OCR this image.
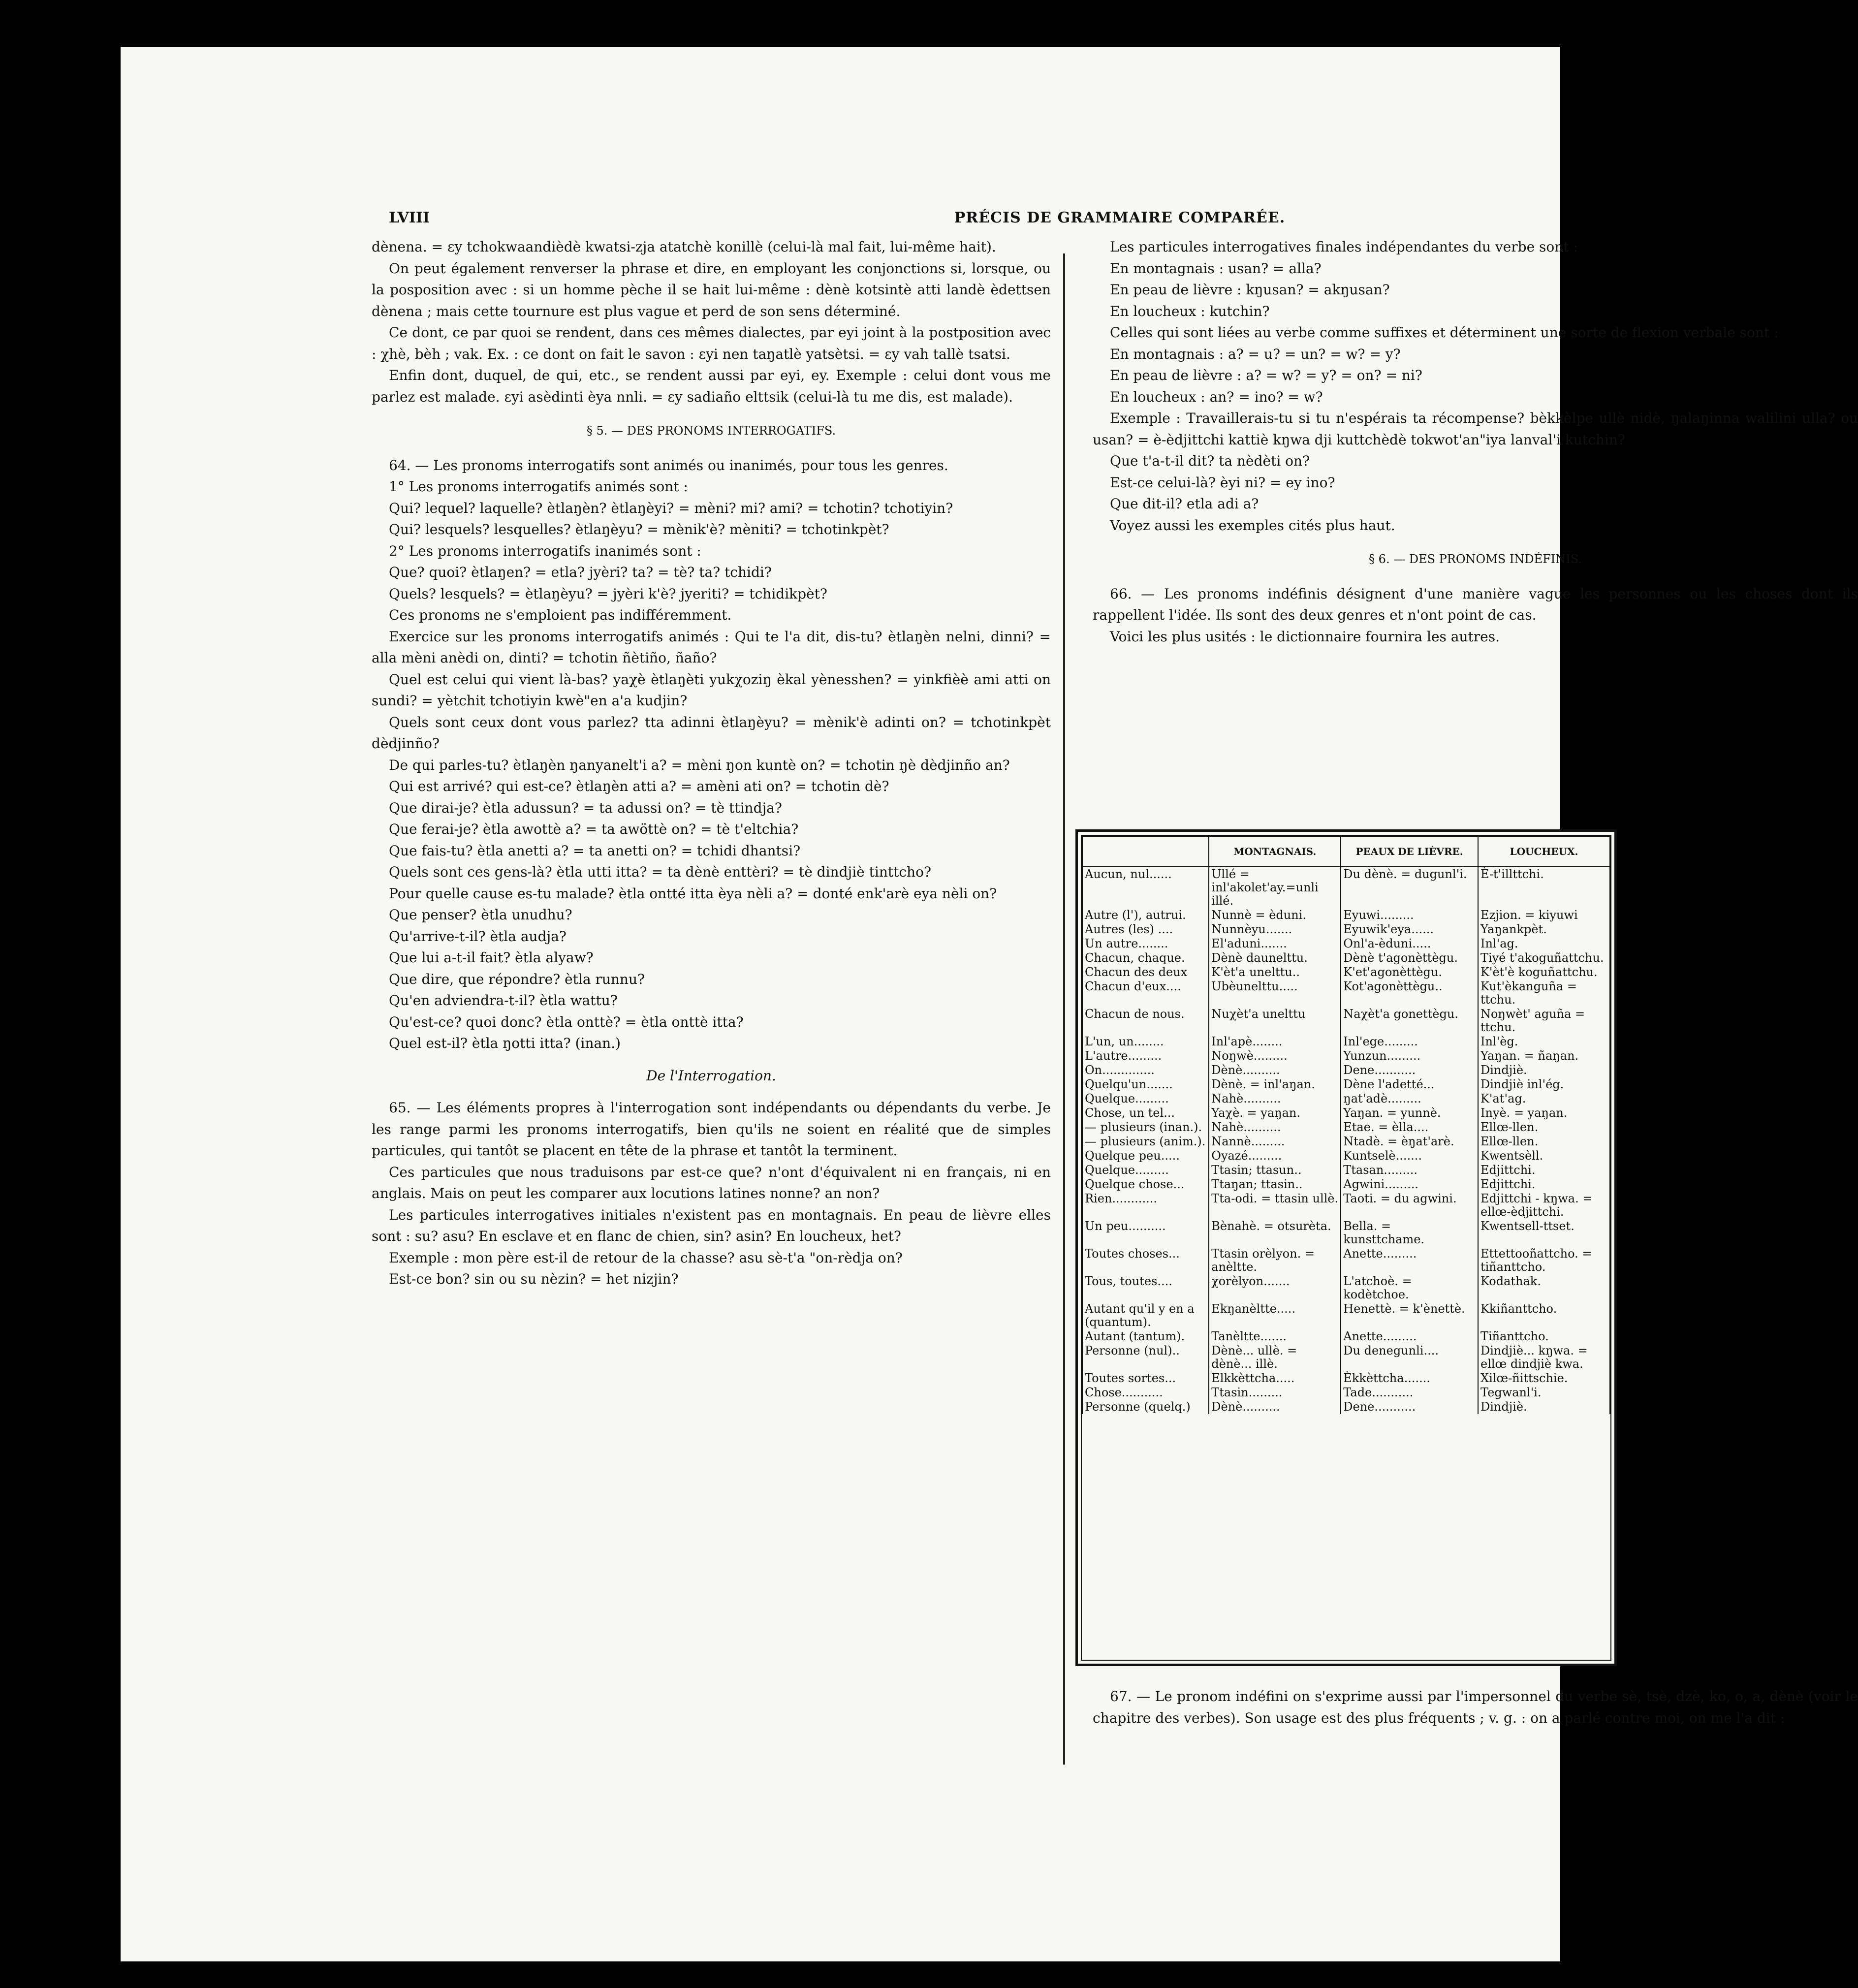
LVIII	PRÉCIS DE GRAMMAIRE COMPARÉE.

dènena. = ɛy tchokwaandièdè kwatsi-zja atatchè konillè (celui-là mal fait, lui-même hait).

On peut également renverser la phrase et dire, en employant les conjonctions si, lorsque, ou la posposition avec : si un homme pèche il se hait lui-même : dènè kotsintè atti landè èdettsen dènena ; mais cette tournure est plus vague et perd de son sens déterminé.

Ce dont, ce par quoi se rendent, dans ces mêmes dialectes, par eyi joint à la postposition avec : χhè, bèh ; vak. Ex. : ce dont on fait le savon : ɛyi nen taŋatlè yatsètsi. = ɛy vah tallè tsatsi.

Enfin dont, duquel, de qui, etc., se rendent aussi par eyi, ey. Exemple : celui dont vous me parlez est malade. ɛyi asèdinti èya nnli. = ɛy sadiaño elttsik (celui-là tu me dis, est malade).

§ 5. — DES PRONOMS INTERROGATIFS.

64. — Les pronoms interrogatifs sont animés ou inanimés, pour tous les genres.

1° Les pronoms interrogatifs animés sont :

Qui? lequel? laquelle? ètlaŋèn? ètlaŋèyi? = mèni? mi? ami? = tchotin? tchotiyin?

Qui? lesquels? lesquelles? ètlaŋèyu? = mènik'è? mèniti? = tchotinkpèt?

2° Les pronoms interrogatifs inanimés sont :

Que? quoi? ètlaŋen? = etla? jyèri? ta? = tè? ta? tchidi?

Quels? lesquels? = ètlaŋèyu? = jyèri k'è? jyeriti? = tchidikpèt?

Ces pronoms ne s'emploient pas indifféremment.

Exercice sur les pronoms interrogatifs animés : Qui te l'a dit, dis-tu? ètlaŋèn nelni, dinni? = alla mèni anèdi on, dinti? = tchotin ñètiño, ñaño?

Quel est celui qui vient là-bas? yaχè ètlaŋèti yukχoziŋ èkal yènesshen? = yinkfièè ami atti on sundi? = yètchit tchotiyin kwè"en a'a kudjin?

Quels sont ceux dont vous parlez? tta adinni ètlaŋèyu? = mènik'è adinti on? = tchotinkpèt dèdjinño?

De qui parles-tu? ètlaŋèn ŋanyanelt'i a? = mèni ŋon kuntè on? = tchotin ŋè dèdjinño an?

Qui est arrivé? qui est-ce? ètlaŋèn atti a? = amèni ati on? = tchotin dè?

Que dirai-je? ètla adussun? = ta adussi on? = tè ttindja?

Que ferai-je? ètla awottè a? = ta awöttè on? = tè t'eltchia?

Que fais-tu? ètla anetti a? = ta anetti on? = tchidi dhantsi?

Quels sont ces gens-là? ètla utti itta? = ta dènè enttèri? = tè dindjiè tinttcho?

Pour quelle cause es-tu malade? ètla ontté itta èya nèli a? = donté enk'arè eya nèli on?

Que penser? ètla unudhu?

Qu'arrive-t-il? ètla audja?

Que lui a-t-il fait? ètla alyaw?

Que dire, que répondre? ètla runnu?

Qu'en adviendra-t-il? ètla wattu?

Qu'est-ce? quoi donc? ètla onttè? = ètla onttè itta?

Quel est-il? ètla ŋotti itta? (inan.)

De l'Interrogation.

65. — Les éléments propres à l'interrogation sont indépendants ou dépendants du verbe. Je les range parmi les pronoms interrogatifs, bien qu'ils ne soient en réalité que de simples particules, qui tantôt se placent en tête de la phrase et tantôt la terminent.

Ces particules que nous traduisons par est-ce que? n'ont d'équivalent ni en français, ni en anglais. Mais on peut les comparer aux locutions latines nonne? an non?

Les particules interrogatives initiales n'existent pas en montagnais. En peau de lièvre elles sont : su? asu? En esclave et en flanc de chien, sin? asin? En loucheux, het?

Exemple : mon père est-il de retour de la chasse? asu sè-t'a "on-rèdja on?

Est-ce bon? sin ou su nèzin? = het nizjin?

Les particules interrogatives finales indépendantes du verbe sont :

En montagnais : usan? = alla?

En peau de lièvre : kŋusan? = akŋusan?

En loucheux : kutchin?

Celles qui sont liées au verbe comme suffixes et déterminent une sorte de flexion verbale sont :

En montagnais : a? = u? = un? = w? = y?

En peau de lièvre : a? = w? = y? = on? = ni?

En loucheux : an? = ino? = w?

Exemple : Travaillerais-tu si tu n'espérais ta récompense? bèkkèlpe ullè nidè, ŋalaŋinna walilini ulla? ou usan? = è-èdjittchi kattiè kŋwa dji kuttchèdè tokwot'an"iya lanval'i kutchin?

Que t'a-t-il dit? ta nèdèti on?

Est-ce celui-là? èyi ni? = ey ino?

Que dit-il? etla adi a?

Voyez aussi les exemples cités plus haut.

§ 6. — DES PRONOMS INDÉFINIS.

66. — Les pronoms indéfinis désignent d'une manière vague les personnes ou les choses dont ils rappellent l'idée. Ils sont des deux genres et n'ont point de cas.

Voici les plus usités : le dictionnaire fournira les autres.

	MONTAGNAIS.	PEAUX DE LIÈVRE.	LOUCHEUX.
Aucun, nul......	Ullé = inl'akolet'ay.=unli illé.	Du dènè. = dugunl'i.	È-t'illttchi.
Autre (l'), autrui.	Nunnè = èduni.	Eyuwi.........	Ezjion. = kiyuwi
Autres (les) ....	Nunnèyu.......	Eyuwik'eya......	Yaŋankpèt.
Un autre........	El'aduni.......	Onl'a-èduni.....	Inl'ag.
Chacun, chaque.	Dènè daunelttu.	Dènè t'agonèttègu.	Tiyé t'akoguñattchu.
Chacun des deux	K'èt'a unelttu..	K'et'agonèttègu.	K'èt'è koguñattchu.
Chacun d'eux....	Ubèunelttu.....	Kot'agonèttègu..	Kut'èkanguña = ttchu.
Chacun de nous.	Nuχèt'a unelttu	Naχèt'a gonettègu.	Noŋwèt' aguña = ttchu.
L'un, un........	Inl'apè........	Inl'ege.........	Inl'èg.
L'autre.........	Noŋwè.........	Yunzun.........	Yaŋan. = ñaŋan.
On..............	Dènè..........	Dene...........	Dindjiè.
Quelqu'un.......	Dènè. = inl'aŋan.	Dène l'adetté...	Dindjiè inl'ég.
Quelque.........	Nahè..........	ŋat'adè.........	K'at'ag.
Chose, un tel...	Yaχè. = yaŋan.	Yaŋan. = yunnè.	Inyè. = yaŋan.
— plusieurs (inan.).	Nahè..........	Etae. = èlla....	Ellœ-llen.
— plusieurs (anim.).	Nannè.........	Ntadè. = èŋat'arè.	Ellœ-llen.
Quelque peu.....	Oyazé.........	Kuntselè.......	Kwentsèll.
Quelque.........	Ttasin; ttasun..	Ttasan.........	Edjittchi.
Quelque chose...	Ttaŋan; ttasin..	Agwini.........	Edjittchi.
Rien............	Tta-odi. = ttasin ullè.	Taoti. = du agwini.	Edjittchi - kŋwa. = ellœ-èdjittchi.
Un peu..........	Bènahè. = otsurèta.	Bella. = kunsttchame.	Kwentsell-ttset.
Toutes choses...	Ttasin orèlyon. = anèltte.	Anette.........	Ettettooñattcho. = tiñanttcho.
Tous, toutes....	χorèlyon.......	L'atchoè. = kodètchoe.	Kodathak.
Autant qu'il y en a (quantum).	Ekŋanèltte.....	Henettè. = k'ènettè.	Kkiñanttcho.
Autant (tantum).	Tanèltte.......	Anette.........	Tiñanttcho.
Personne (nul)..	Dènè... ullè. = dènè... illè.	Du denegunli....	Dindjiè... kŋwa. = ellœ dindjiè kwa.
Toutes sortes...	Elkkèttcha.....	Èkkèttcha.......	Xilœ-ñittschie.
Chose...........	Ttasin.........	Tade...........	Tegwanl'i.
Personne (quelq.)	Dènè..........	Dene...........	Dindjiè.

67. — Le pronom indéfini on s'exprime aussi par l'impersonnel du verbe sè, tsè, dzè, ko, o, a, dènè (voir le chapitre des verbes). Son usage est des plus fréquents ; v. g. : on a parlé contre moi, on me l'a dit :
